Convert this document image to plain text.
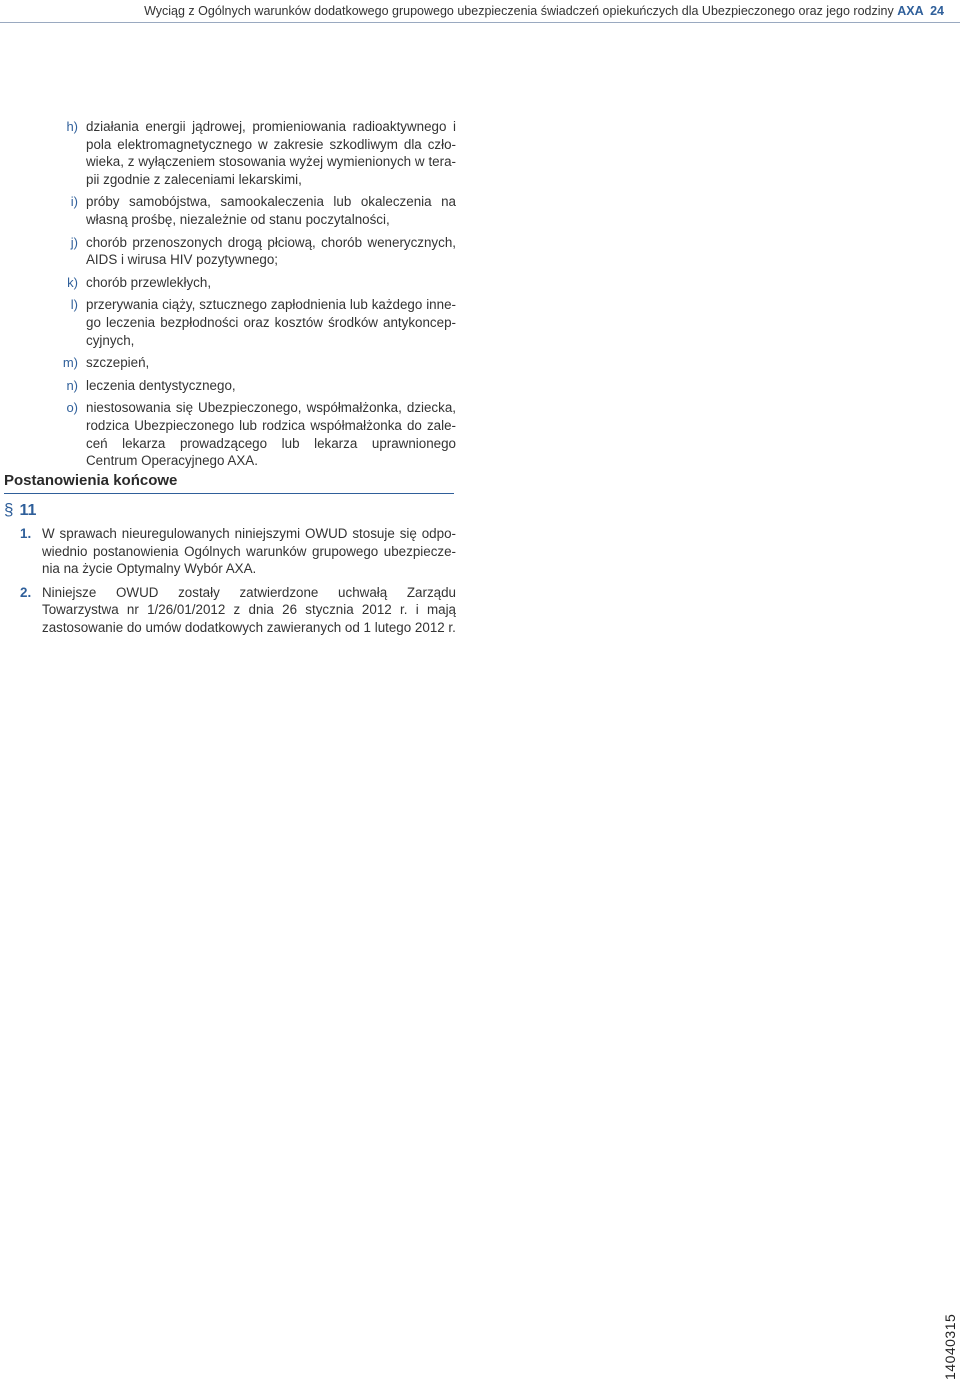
Wyciąg z Ogólnych warunków dodatkowego grupowego ubezpieczenia świadczeń opiekuńczych dla Ubezpieczonego oraz jego rodziny AXA 24
h) działania energii jądrowej, promieniowania radioaktywnego i pola elektromagnetycznego w zakresie szkodliwym dla człowieka, z wyłączeniem stosowania wyżej wymienionych w terapii zgodnie z zaleceniami lekarskimi,
i) próby samobójstwa, samookaleczenia lub okaleczenia na własną prośbę, niezależnie od stanu poczytalności,
j) chorób przenoszonych drogą płciową, chorób wenerycznych, AIDS i wirusa HIV pozytywnego;
k) chorób przewlekłych,
l) przerywania ciąży, sztucznego zapłodnienia lub każdego innego leczenia bezpłodności oraz kosztów środków antykoncepcyjnych,
m) szczepień,
n) leczenia dentystycznego,
o) niestosowania się Ubezpieczonego, współmałżonka, dziecka, rodzica Ubezpieczonego lub rodzica współmałżonka do zaleceń lekarza prowadzącego lub lekarza uprawnionego Centrum Operacyjnego AXA.
Postanowienia końcowe
§ 11
1. W sprawach nieuregulowanych niniejszymi OWUD stosuje się odpowiednio postanowienia Ogólnych warunków grupowego ubezpieczenia na życie Optymalny Wybór AXA.
2. Niniejsze OWUD zostały zatwierdzone uchwałą Zarządu Towarzystwa nr 1/26/01/2012 z dnia 26 stycznia 2012 r. i mają zastosowanie do umów dodatkowych zawieranych od 1 lutego 2012 r.
14040315
